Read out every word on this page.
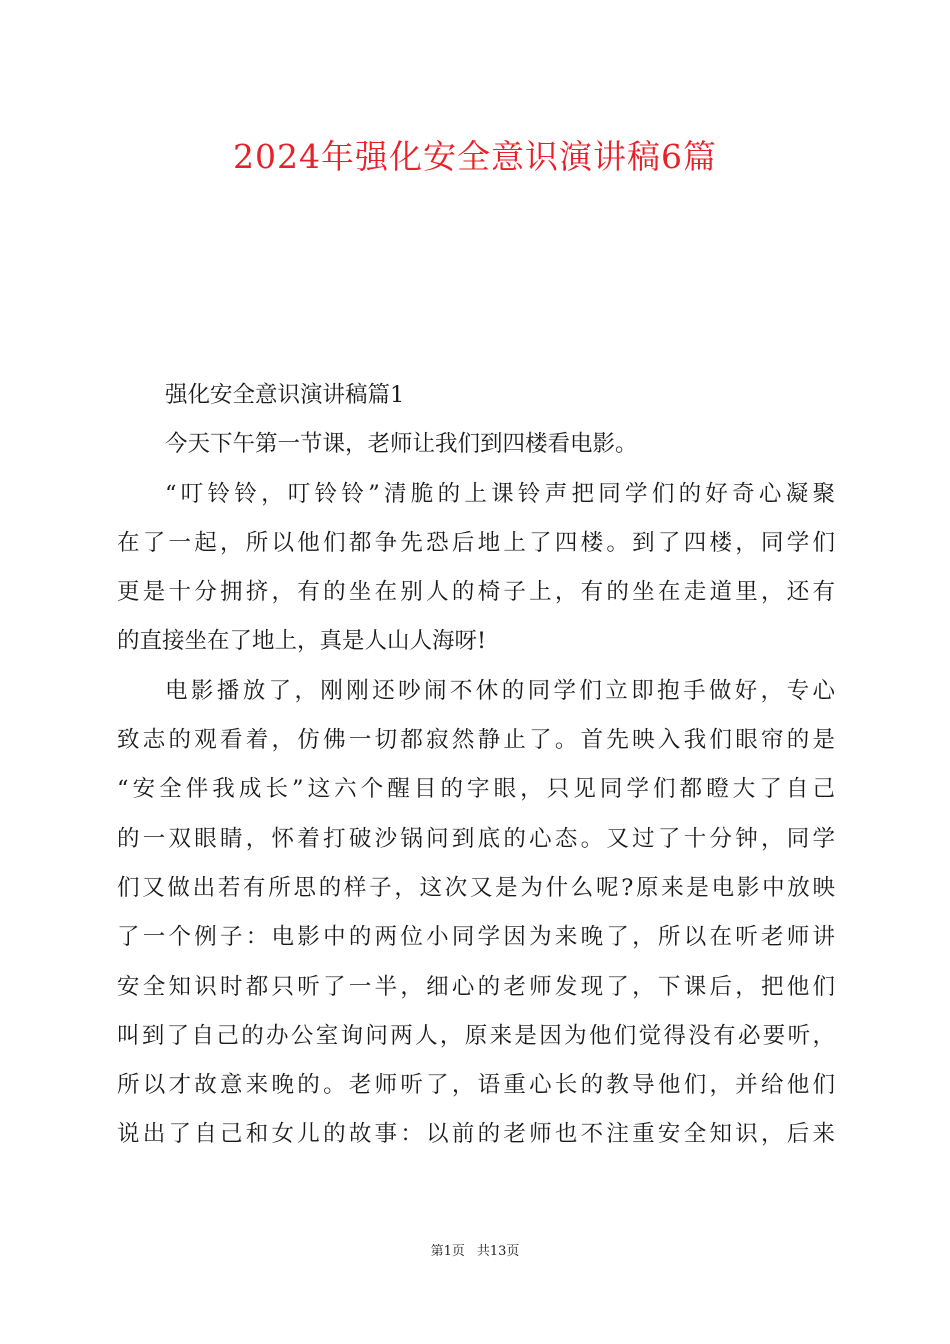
2024年强化安全意识演讲稿6篇
强化安全意识演讲稿篇1
今天下午第一节课，老师让我们到四楼看电影。
“叮铃铃，叮铃铃”清脆的上课铃声把同学们的好奇心凝聚
在了一起，所以他们都争先恐后地上了四楼。到了四楼，同学们
更是十分拥挤，有的坐在别人的椅子上，有的坐在走道里，还有
的直接坐在了地上，真是人山人海呀!
电影播放了，刚刚还吵闹不休的同学们立即抱手做好，专心
致志的观看着，仿佛一切都寂然静止了。首先映入我们眼帘的是
“安全伴我成长”这六个醒目的字眼，只见同学们都瞪大了自己
的一双眼睛，怀着打破沙锅问到底的心态。又过了十分钟，同学
们又做出若有所思的样子，这次又是为什么呢?原来是电影中放映
了一个例子：电影中的两位小同学因为来晚了，所以在听老师讲
安全知识时都只听了一半，细心的老师发现了，下课后，把他们
叫到了自己的办公室询问两人，原来是因为他们觉得没有必要听，
所以才故意来晚的。老师听了，语重心长的教导他们，并给他们
说出了自己和女儿的故事：以前的老师也不注重安全知识，后来
第1页 共13页
